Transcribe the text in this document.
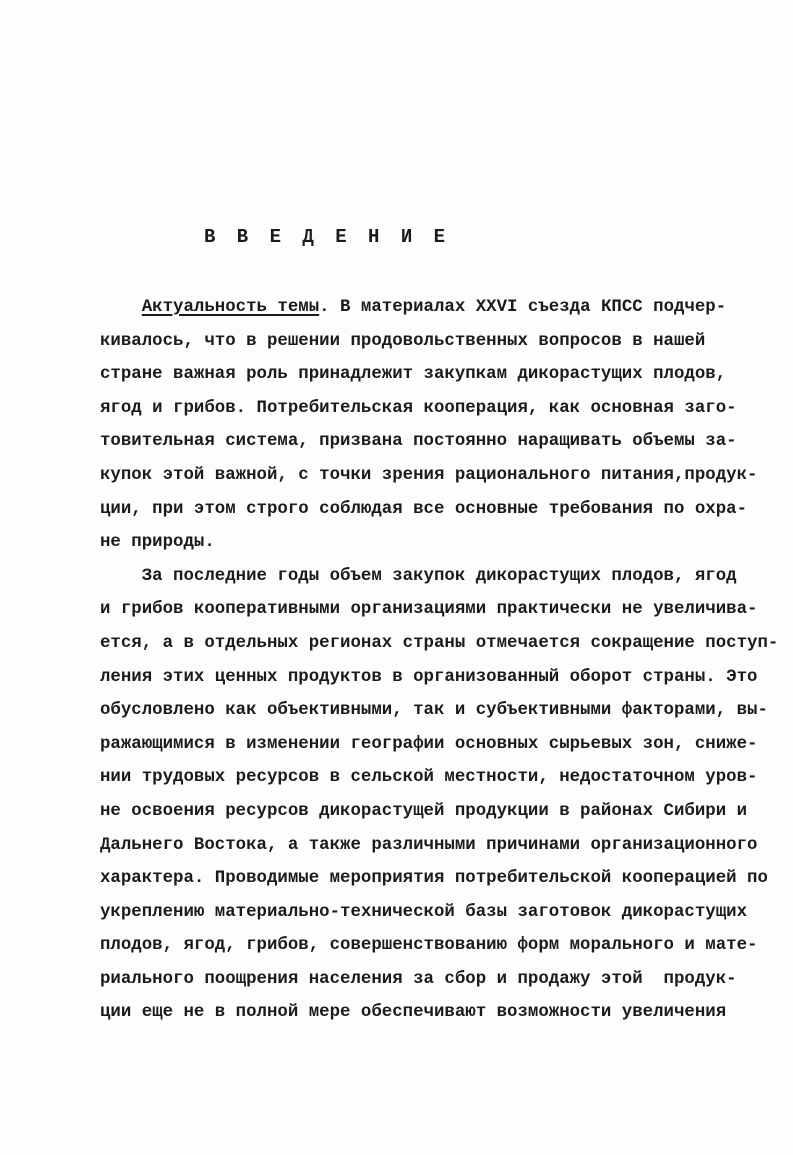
В В Е Д Е Н И Е
Актуальность темы. В материалах XXVI съезда КПСС подчер-
кивалось, что в решении продовольственных вопросов в нашей
стране важная роль принадлежит закупкам дикорастущих плодов,
ягод и грибов. Потребительская кооперация, как основная заго-
товительная система, призвана постоянно наращивать объемы за-
купок этой важной, с точки зрения рационального питания,продук-
ции, при этом строго соблюдая все основные требования по охра-
не природы.
За последние годы объем закупок дикорастущих плодов, ягод
и грибов кооперативными организациями практически не увеличива-
ется, а в отдельных регионах страны отмечается сокращение поступ-
ления этих ценных продуктов в организованный оборот страны. Это
обусловлено как объективными, так и субъективными факторами, вы-
ражающимися в изменении географии основных сырьевых зон, сниже-
нии трудовых ресурсов в сельской местности, недостаточном уров-
не освоения ресурсов дикорастущей продукции в районах Сибири и
Дальнего Востока, а также различными причинами организационного
характера. Проводимые мероприятия потребительской кооперацией по
укреплению материально-технической базы заготовок дикорастущих
плодов, ягод, грибов, совершенствованию форм морального и мате-
риального поощрения населения за сбор и продажу этой  продук-
ции еще не в полной мере обеспечивают возможности увеличения
